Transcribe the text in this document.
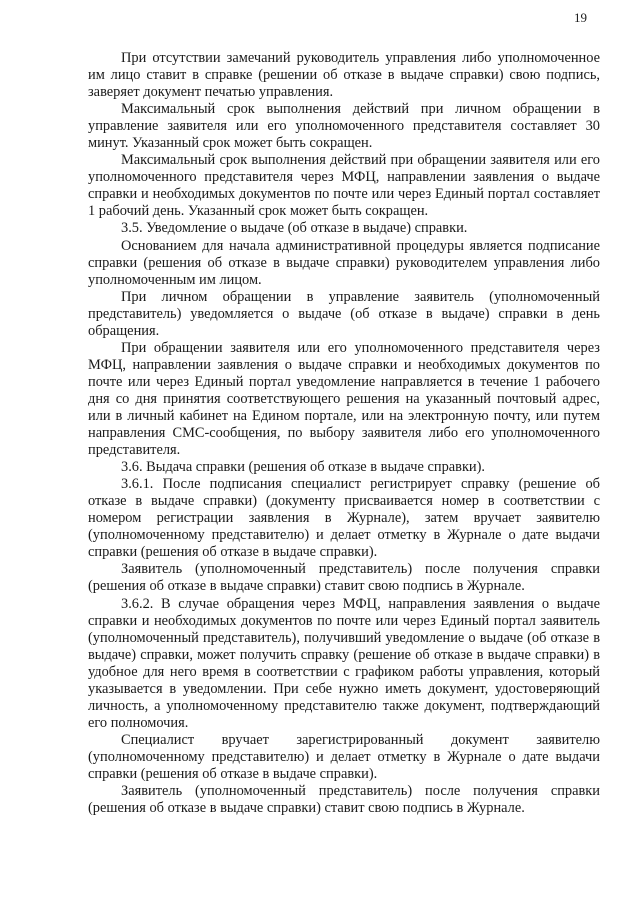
19

При отсутствии замечаний руководитель управления либо уполномоченное им лицо ставит в справке (решении об отказе в выдаче справки) свою подпись, заверяет документ печатью управления.

Максимальный срок выполнения действий при личном обращении в управление заявителя или его уполномоченного представителя составляет 30 минут. Указанный срок может быть сокращен.

Максимальный срок выполнения действий при обращении заявителя или его уполномоченного представителя через МФЦ, направлении заявления о выдаче справки и необходимых документов по почте или через Единый портал составляет 1 рабочий день. Указанный срок может быть сокращен.

3.5. Уведомление о выдаче (об отказе в выдаче) справки.

Основанием для начала административной процедуры является подписание справки (решения об отказе в выдаче справки) руководителем управления либо уполномоченным им лицом.

При личном обращении в управление заявитель (уполномоченный представитель) уведомляется о выдаче (об отказе в выдаче) справки в день обращения.

При обращении заявителя или его уполномоченного представителя через МФЦ, направлении заявления о выдаче справки и необходимых документов по почте или через Единый портал уведомление направляется в течение 1 рабочего дня со дня принятия соответствующего решения на указанный почтовый адрес, или в личный кабинет на Едином портале, или на электронную почту, или путем направления СМС-сообщения, по выбору заявителя либо его уполномоченного представителя.

3.6. Выдача справки (решения об отказе в выдаче справки).

3.6.1. После подписания специалист регистрирует справку (решение об отказе в выдаче справки) (документу присваивается номер в соответствии с номером регистрации заявления в Журнале), затем вручает заявителю (уполномоченному представителю) и делает отметку в Журнале о дате выдачи справки (решения об отказе в выдаче справки).

Заявитель (уполномоченный представитель) после получения справки (решения об отказе в выдаче справки) ставит свою подпись в Журнале.

3.6.2. В случае обращения через МФЦ, направления заявления о выдаче справки и необходимых документов по почте или через Единый портал заявитель (уполномоченный представитель), получивший уведомление о выдаче (об отказе в выдаче) справки, может получить справку (решение об отказе в выдаче справки) в удобное для него время в соответствии с графиком работы управления, который указывается в уведомлении. При себе нужно иметь документ, удостоверяющий личность, а уполномоченному представителю также документ, подтверждающий его полномочия.

Специалист вручает зарегистрированный документ заявителю (уполномоченному представителю) и делает отметку в Журнале о дате выдачи справки (решения об отказе в выдаче справки).

Заявитель (уполномоченный представитель) после получения справки (решения об отказе в выдаче справки) ставит свою подпись в Журнале.
